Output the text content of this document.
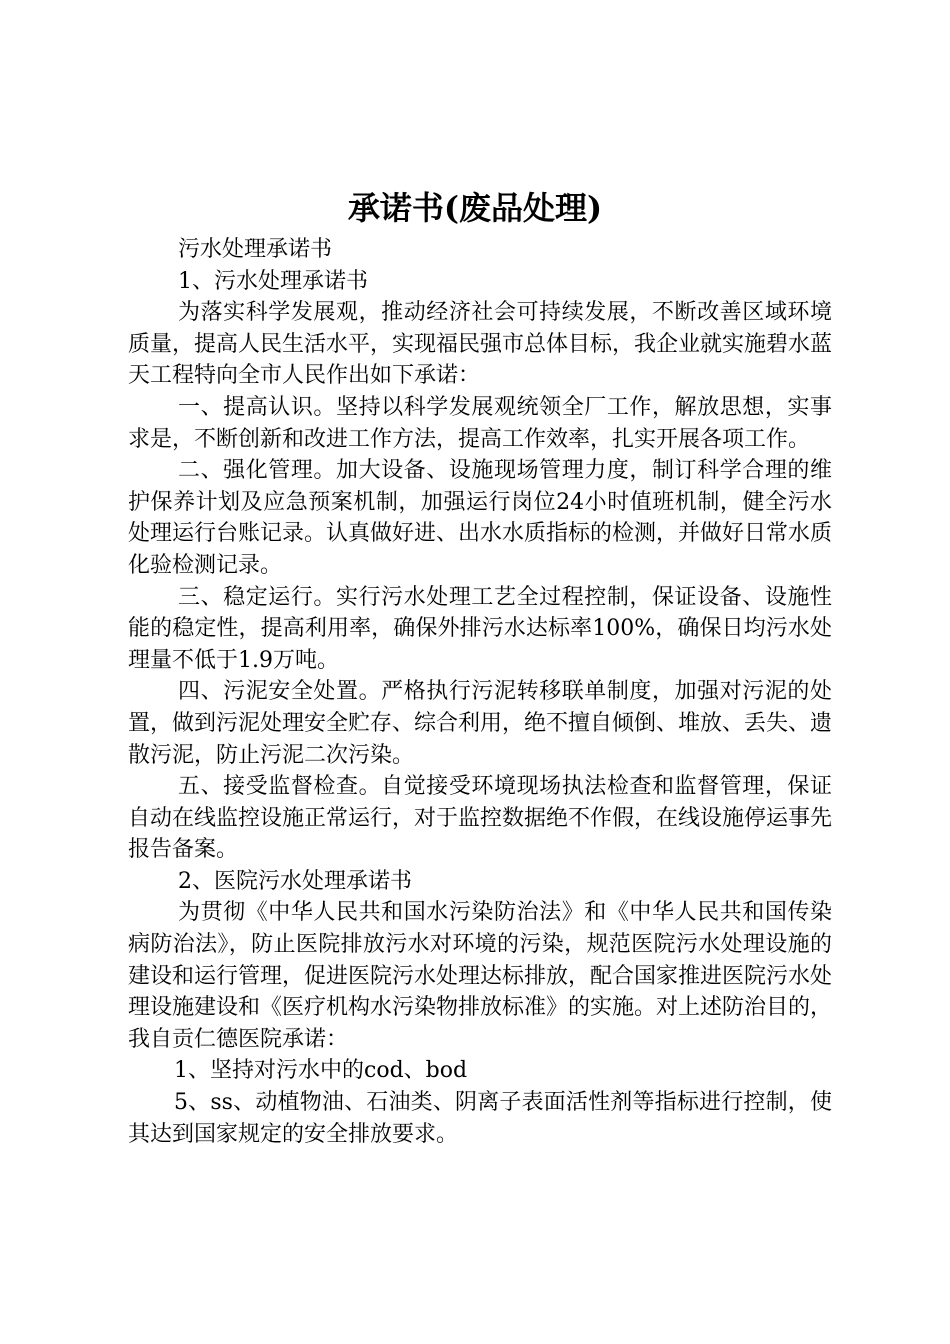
承诺书(废品处理)

污水处理承诺书

1、污水处理承诺书

为落实科学发展观，推动经济社会可持续发展，不断改善区域环境质量，提高人民生活水平，实现福民强市总体目标，我企业就实施碧水蓝天工程特向全市人民作出如下承诺：

一、提高认识。坚持以科学发展观统领全厂工作，解放思想，实事求是，不断创新和改进工作方法，提高工作效率，扎实开展各项工作。

二、强化管理。加大设备、设施现场管理力度，制订科学合理的维护保养计划及应急预案机制，加强运行岗位24小时值班机制，健全污水处理运行台账记录。认真做好进、出水水质指标的检测，并做好日常水质化验检测记录。

三、稳定运行。实行污水处理工艺全过程控制，保证设备、设施性能的稳定性，提高利用率，确保外排污水达标率100%，确保日均污水处理量不低于1.9万吨。

四、污泥安全处置。严格执行污泥转移联单制度，加强对污泥的处置，做到污泥处理安全贮存、综合利用，绝不擅自倾倒、堆放、丢失、遗散污泥，防止污泥二次污染。

五、接受监督检查。自觉接受环境现场执法检查和监督管理，保证自动在线监控设施正常运行，对于监控数据绝不作假，在线设施停运事先报告备案。

2、医院污水处理承诺书

为贯彻《中华人民共和国水污染防治法》和《中华人民共和国传染病防治法》，防止医院排放污水对环境的污染，规范医院污水处理设施的建设和运行管理，促进医院污水处理达标排放，配合国家推进医院污水处理设施建设和《医疗机构水污染物排放标准》的实施。对上述防治目的，我自贡仁德医院承诺：

1、坚持对污水中的cod、bod

5、ss、动植物油、石油类、阴离子表面活性剂等指标进行控制，使其达到国家规定的安全排放要求。
